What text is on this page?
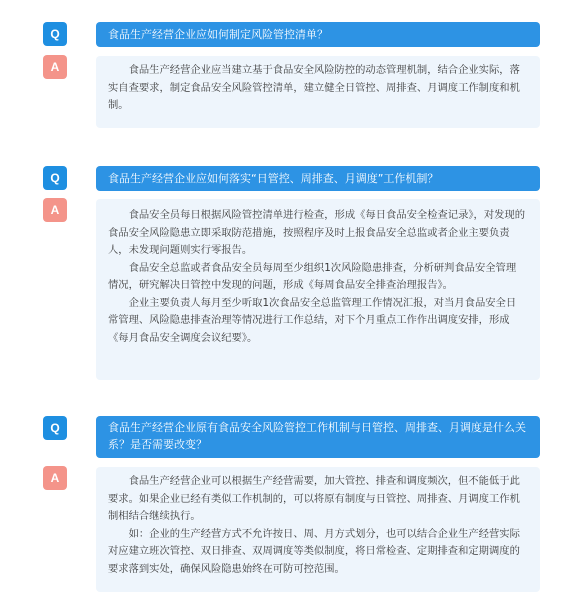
Q	食品生产经营企业应如何制定风险管控清单？
A	食品生产经营企业应当建立基于食品安全风险防控的动态管理机制，结合企业实际，落实自查要求，制定食品安全风险管控清单，建立健全日管控、周排查、月调度工作制度和机制。

Q	食品生产经营企业应如何落实“日管控、周排查、月调度”工作机制？
A	食品安全员每日根据风险管控清单进行检查，形成《每日食品安全检查记录》，对发现的食品安全风险隐患立即采取防范措施，按照程序及时上报食品安全总监或者企业主要负责人，未发现问题则实行零报告。

食品安全总监或者食品安全员每周至少组织1次风险隐患排查，分析研判食品安全管理情况，研究解决日管控中发现的问题，形成《每周食品安全排查治理报告》。

企业主要负责人每月至少听取1次食品安全总监管理工作情况汇报，对当月食品安全日常管理、风险隐患排查治理等情况进行工作总结，对下个月重点工作作出调度安排，形成《每月食品安全调度会议纪要》。

Q	食品生产经营企业原有食品安全风险管控工作机制与日管控、周排查、月调度是什么关系？是否需要改变？
A	食品生产经营企业可以根据生产经营需要，加大管控、排查和调度频次，但不能低于此要求。如果企业已经有类似工作机制的，可以将原有制度与日管控、周排查、月调度工作机制相结合继续执行。

如：企业的生产经营方式不允许按日、周、月方式划分，也可以结合企业生产经营实际对应建立班次管控、双日排查、双周调度等类似制度，将日常检查、定期排查和定期调度的要求落到实处，确保风险隐患始终在可防可控范围。
